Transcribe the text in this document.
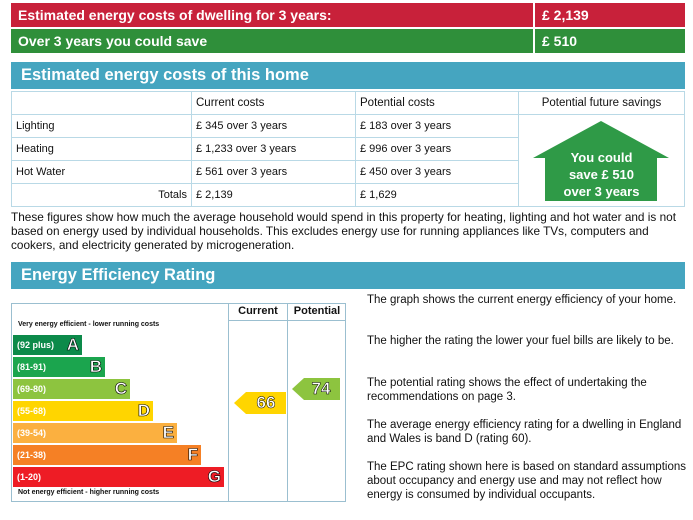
Estimated energy costs of dwelling for 3 years:	£ 2,139
Over 3 years you could save	£ 510
Estimated energy costs of this home
	Current costs	Potential costs	Potential future savings
Lighting	£ 345 over 3 years	£ 183 over 3 years	You could
save £ 510
over 3 years

Heating	£ 1,233 over 3 years	£ 996 over 3 years	
Hot Water	£ 561 over 3 years	£ 450 over 3 years	
Totals	£ 2,139	£ 1,629	
These figures show how much the average household would spend in this property for heating, lighting and hot water and is not based on energy used by individual households. This excludes energy use for running appliances like TVs, computers and cookers, and electricity generated by microgeneration.
Energy Efficiency Rating
Current	Potential
Very energy efficient - lower running costs
Not energy efficient - higher running costs
(92 plus) A
(81-91)	B
(69-80)	C
(55-68)	D
(39-54)	E
(21-38)	F
(1-20)	G
66
74
The graph shows the current energy efficiency of your home.
The higher the rating the lower your fuel bills are likely to be.
The potential rating shows the effect of undertaking the recommendations on page 3.
The average energy efficiency rating for a dwelling in England and Wales is band D (rating 60).
The EPC rating shown here is based on standard assumptions about occupancy and energy use and may not reflect how energy is consumed by individual occupants.
